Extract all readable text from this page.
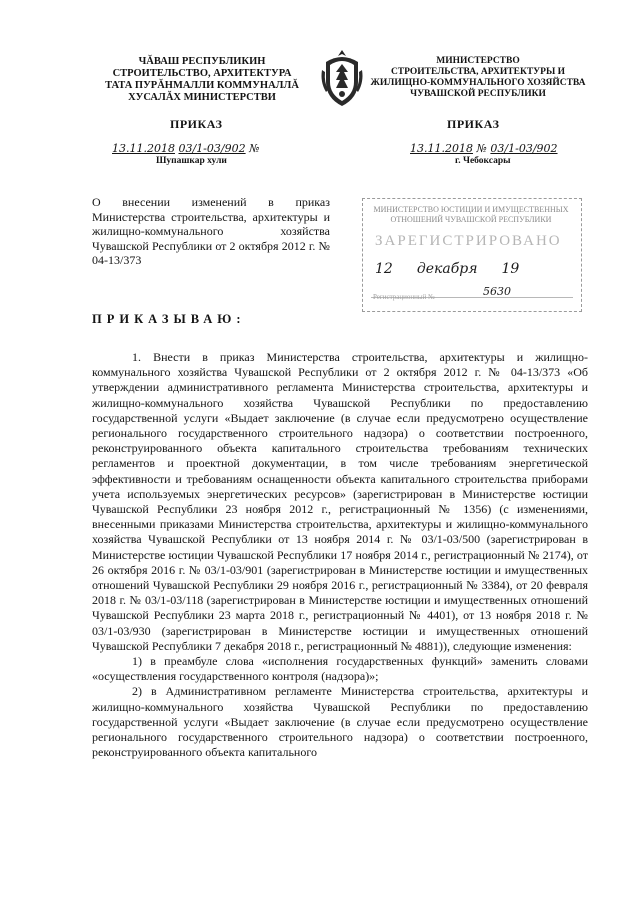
ЧĂВАШ РЕСПУБЛИКИН
СТРОИТЕЛЬСТВО, АРХИТЕКТУРА
ТАТА ПУРĂНМАЛЛИ КОММУНАЛЛĂ
ХУСАЛĂХ МИНИСТЕРСТВИ
МИНИСТЕРСТВО
СТРОИТЕЛЬСТВА, АРХИТЕКТУРЫ И
ЖИЛИЩНО-КОММУНАЛЬНОГО ХОЗЯЙСТВА
ЧУВАШСКОЙ РЕСПУБЛИКИ
ПРИКАЗ	ПРИКАЗ
13.11.2018 03/1-03/902 №
Шупашкар хули
13.11.2018 № 03/1-03/902
г. Чебоксары
О внесении изменений в приказ Министерства строительства, архитектуры и жилищно-коммунального хозяйства Чувашской Республики от 2 октября 2012 г. № 04-13/373
МИНИСТЕРСТВО ЮСТИЦИИ И ИМУЩЕСТВЕННЫХ
ОТНОШЕНИЙ ЧУВАШСКОЙ РЕСПУБЛИКИ
ЗАРЕГИСТРИРОВАНО
12 декабря 19
5630
Регистрационный №
ПРИКАЗЫВАЮ:

1. Внести в приказ Министерства строительства, архитектуры и жилищно-коммунального хозяйства Чувашской Республики от 2 октября 2012 г. № 04-13/373 «Об утверждении административного регламента Министерства строительства, архитектуры и жилищно-коммунального хозяйства Чувашской Республики по предоставлению государственной услуги «Выдает заключение (в случае если предусмотрено осуществление регионального государственного строительного надзора) о соответствии построенного, реконструированного объекта капитального строительства требованиям технических регламентов и проектной документации, в том числе требованиям энергетической эффективности и требованиям оснащенности объекта капитального строительства приборами учета используемых энергетических ресурсов» (зарегистрирован в Министерстве юстиции Чувашской Республики 23 ноября 2012 г., регистрационный № 1356) (с изменениями, внесенными приказами Министерства строительства, архитектуры и жилищно-коммунального хозяйства Чувашской Республики от 13 ноября 2014 г. № 03/1-03/500 (зарегистрирован в Министерстве юстиции Чувашской Республики 17 ноября 2014 г., регистрационный № 2174), от 26 октября 2016 г. № 03/1-03/901 (зарегистрирован в Министерстве юстиции и имущественных отношений Чувашской Республики 29 ноября 2016 г., регистрационный № 3384), от 20 февраля 2018 г. № 03/1-03/118 (зарегистрирован в Министерстве юстиции и имущественных отношений Чувашской Республики 23 марта 2018 г., регистрационный № 4401), от 13 ноября 2018 г. № 03/1-03/930 (зарегистрирован в Министерстве юстиции и имущественных отношений Чувашской Республики 7 декабря 2018 г., регистрационный № 4881)), следующие изменения:

1) в преамбуле слова «исполнения государственных функций» заменить словами «осуществления государственного контроля (надзора)»;

2) в Административном регламенте Министерства строительства, архитектуры и жилищно-коммунального хозяйства Чувашской Республики по предоставлению государственной услуги «Выдает заключение (в случае если предусмотрено осуществление регионального государственного строительного надзора) о соответствии построенного, реконструированного объекта капитального
